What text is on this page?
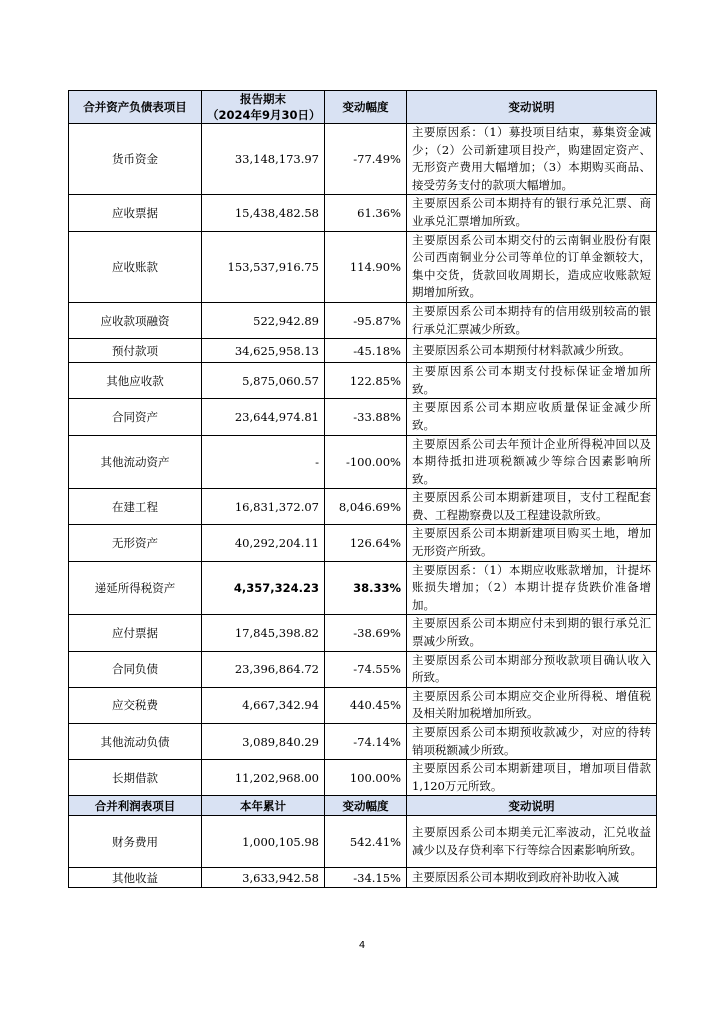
合并资产负债表项目	报告期末
（2024年9月30日）	变动幅度	变动说明
货币资金	33,148,173.97	-77.49%	主要原因系：（1）募投项目结束，募集资金减少；（2）公司新建项目投产，购建固定资产、无形资产费用大幅增加；（3）本期购买商品、接受劳务支付的款项大幅增加。
应收票据	15,438,482.58	61.36%	主要原因系公司本期持有的银行承兑汇票、商业承兑汇票增加所致。
应收账款	153,537,916.75	114.90%	主要原因系公司本期交付的云南铜业股份有限公司西南铜业分公司等单位的订单金额较大，集中交货，货款回收周期长，造成应收账款短期增加所致。
应收款项融资	522,942.89	-95.87%	主要原因系公司本期持有的信用级别较高的银行承兑汇票减少所致。
预付款项	34,625,958.13	-45.18%	主要原因系公司本期预付材料款减少所致。
其他应收款	5,875,060.57	122.85%	主要原因系公司本期支付投标保证金增加所致。
合同资产	23,644,974.81	-33.88%	主要原因系公司本期应收质量保证金减少所致。
其他流动资产	-	-100.00%	主要原因系公司去年预计企业所得税冲回以及本期待抵扣进项税额减少等综合因素影响所致。
在建工程	16,831,372.07	8,046.69%	主要原因系公司本期新建项目，支付工程配套费、工程勘察费以及工程建设款所致。
无形资产	40,292,204.11	126.64%	主要原因系公司本期新建项目购买土地，增加无形资产所致。
递延所得税资产	4,357,324.23	38.33%	主要原因系：（1）本期应收账款增加，计提坏账损失增加；（2）本期计提存货跌价准备增加。
应付票据	17,845,398.82	-38.69%	主要原因系公司本期应付未到期的银行承兑汇票减少所致。
合同负债	23,396,864.72	-74.55%	主要原因系公司本期部分预收款项目确认收入所致。
应交税费	4,667,342.94	440.45%	主要原因系公司本期应交企业所得税、增值税及相关附加税增加所致。
其他流动负债	3,089,840.29	-74.14%	主要原因系公司本期预收款减少，对应的待转销项税额减少所致。
长期借款	11,202,968.00	100.00%	主要原因系公司本期新建项目，增加项目借款1,120万元所致。
合并利润表项目	本年累计	变动幅度	变动说明
财务费用	1,000,105.98	542.41%	主要原因系公司本期美元汇率波动，汇兑收益减少以及存贷利率下行等综合因素影响所致。
其他收益	3,633,942.58	-34.15%	主要原因系公司本期收到政府补助收入减
4
